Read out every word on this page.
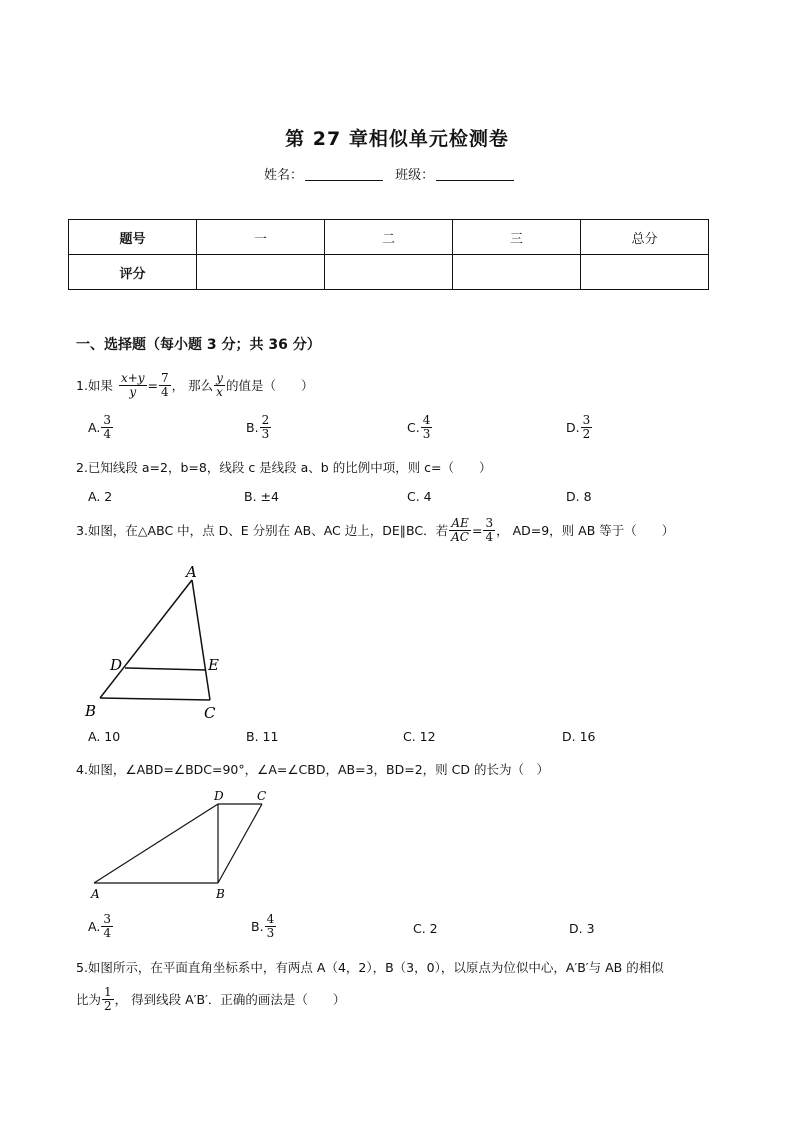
第 27 章相似单元检测卷
姓名：	班级：
题号	一	二	三	总分
评分				
一、选择题（每小题 3 分；共 36 分）
1.如果 $\frac{x+y}{y} = \frac{7}{4}$ ， 那么 $\frac{y}{x}$ 的值是（　　）
A. $\frac{3}{4}$	B. $\frac{2}{3}$	C. $\frac{4}{3}$	D. $\frac{3}{2}$
2.已知线段 a=2，b=8，线段 c 是线段 a、b 的比例中项，则 c=（　　）
A. 2	B. ±4	C. 4	D. 8
3.如图，在△ABC 中，点 D、E 分别在 AB、AC 边上，DE∥BC．若 $\frac{AE}{AC} = \frac{3}{4}$ ， AD=9，则 AB 等于（　　）
A
B	C
D	E
A. 10	B. 11	C. 12	D. 16
4.如图，∠ABD=∠BDC=90°，∠A=∠CBD，AB=3，BD=2，则 CD 的长为（　）
A	B
D	C
A. $\frac{3}{4}$	B. $\frac{4}{3}$	C. 2	D. 3
5.如图所示，在平面直角坐标系中，有两点 A（4，2），B（3，0），以原点为位似中心，A′B′与 AB 的相似
比为 $\frac{1}{2}$ ， 得到线段 A′B′．正确的画法是（　　）
